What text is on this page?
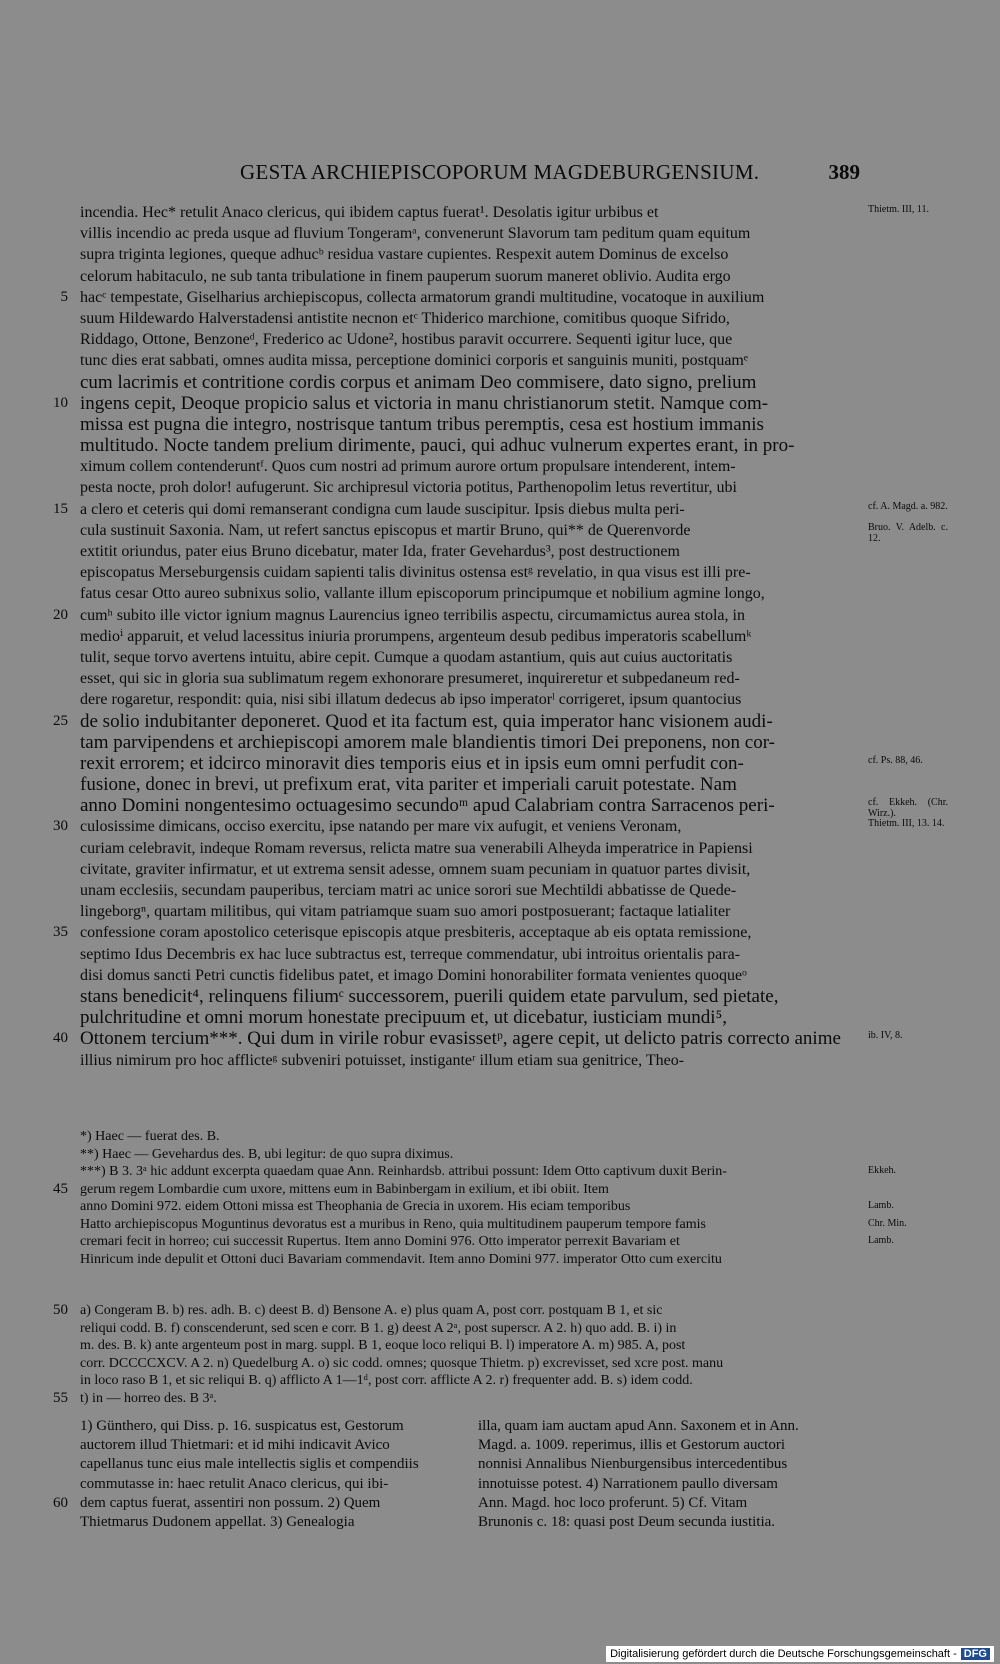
GESTA ARCHIEPISCOPORUM MAGDEBURGENSIUM.	389
incendia. Hec* retulit Anaco clericus, qui ibidem captus fuerat¹. Desolatis igitur urbibus et	Thietm. III, 11.
villis incendio ac preda usque ad fluvium Tongeramᵃ, convenerunt Slavorum tam peditum quam equitum
supra triginta legiones, queque adhucᵇ residua vastare cupientes. Respexit autem Dominus de excelso
celorum habitaculo, ne sub tanta tribulatione in finem pauperum suorum maneret oblivio. Audita ergo
5 hacᶜ tempestate, Giselharius archiepiscopus, collecta armatorum grandi multitudine, vocatoque in auxilium
suum Hildewardo Halverstadensi antistite necnon etᶜ Thiderico marchione, comitibus quoque Sifrido,
Riddago, Ottone, Benzoneᵈ, Frederico ac Udone², hostibus paravit occurrere. Sequenti igitur luce, que
tunc dies erat sabbati, omnes audita missa, perceptione dominici corporis et sanguinis muniti, postquamᵉ
cum lacrimis et contritione cordis corpus et animam Deo commisere, dato signo, prelium
10 ingens cepit, Deoque propicio salus et victoria in manu christianorum stetit. Namque com-
missa est pugna die integro, nostrisque tantum tribus peremptis, cesa est hostium immanis
multitudo. Nocte tandem prelium dirimente, pauci, qui adhuc vulnerum expertes erant, in pro-
ximum collem contenderuntᶠ. Quos cum nostri ad primum aurore ortum propulsare intenderent, intem-
pesta nocte, proh dolor! aufugerunt. Sic archipresul victoria potitus, Parthenopolim letus revertitur, ubi
15 a clero et ceteris qui domi remanserant condigna cum laude suscipitur. Ipsis diebus multa peri-	cf. A. Magd. a. 982.
cula sustinuit Saxonia. Nam, ut refert sanctus episcopus et martir Bruno, qui** de Querenvorde	Bruo. V. Adelb. c. 12.
extitit oriundus, pater eius Bruno dicebatur, mater Ida, frater Gevehardus³, post destructionem
episcopatus Merseburgensis cuidam sapienti talis divinitus ostensa estᵍ revelatio, in qua visus est illi pre-
fatus cesar Otto aureo subnixus solio, vallante illum episcoporum principumque et nobilium agmine longo,
20 cumʰ subito ille victor ignium magnus Laurencius igneo terribilis aspectu, circumamictus aurea stola, in
medioⁱ apparuit, et velud lacessitus iniuria prorumpens, argenteum desub pedibus imperatoris scabellumᵏ
tulit, seque torvo avertens intuitu, abire cepit. Cumque a quodam astantium, quis aut cuius auctoritatis
esset, qui sic in gloria sua sublimatum regem exhonorare presumeret, inquireretur et subpedaneum red-
dere rogaretur, respondit: quia, nisi sibi illatum dedecus ab ipso imperatorˡ corrigeret, ipsum quantocius
25 de solio indubitanter deponeret. Quod et ita factum est, quia imperator hanc visionem audi-
tam parvipendens et archiepiscopi amorem male blandientis timori Dei preponens, non cor-
rexit errorem; et idcirco minoravit dies temporis eius et in ipsis eum omni perfudit con-	cf. Ps. 88, 46.
fusione, donec in brevi, ut prefixum erat, vita pariter et imperiali caruit potestate. Nam
anno Domini nongentesimo octuagesimo secundoᵐ apud Calabriam contra Sarracenos peri-	cf. Ekkeh. (Chr. Wirz.).
30 culosissime dimicans, occiso exercitu, ipse natando per mare vix aufugit, et veniens Veronam,	Thietm. III, 13. 14.
curiam celebravit, indeque Romam reversus, relicta matre sua venerabili Alheyda imperatrice in Papiensi
civitate, graviter infirmatur, et ut extrema sensit adesse, omnem suam pecuniam in quatuor partes divisit,
unam ecclesiis, secundam pauperibus, terciam matri ac unice sorori sue Mechtildi abbatisse de Quede-
lingeborgⁿ, quartam militibus, qui vitam patriamque suam suo amori postposuerant; factaque latialiter
35 confessione coram apostolico ceterisque episcopis atque presbiteris, acceptaque ab eis optata remissione,
septimo Idus Decembris ex hac luce subtractus est, terreque commendatur, ubi introitus orientalis para-
disi domus sancti Petri cunctis fidelibus patet, et imago Domini honorabiliter formata venientes quoqueᵒ
stans benedicit⁴, relinquens filiumᶜ successorem, puerili quidem etate parvulum, sed pietate,
pulchritudine et omni morum honestate precipuum et, ut dicebatur, iusticiam mundi⁵,
40 Ottonem tercium***. Qui dum in virile robur evasissetᵖ, agere cepit, ut delicto patris correcto anime	ib. IV, 8.
illius nimirum pro hoc afflicteᵍ subveniri potuisset, instiganteʳ illum etiam sua genitrice, Theo-
*) Haec — fuerat des. B.
**) Haec — Gevehardus des. B, ubi legitur: de quo supra diximus.
***) B 3. 3ᵃ hic addunt excerpta quaedam quae Ann. Reinhardsb. attribui possunt: Idem Otto captivum duxit Berin-	Ekkeh.
45 gerum regem Lombardie cum uxore, mittens eum in Babinbergam in exilium, et ibi obiit. Item
anno Domini 972. eidem Ottoni missa est Theophania de Grecia in uxorem. His eciam temporibus	Lamb.
Hatto archiepiscopus Moguntinus devoratus est a muribus in Reno, quia multitudinem pauperum tempore famis	Chr. Min.
cremari fecit in horreo; cui successit Rupertus. Item anno Domini 976. Otto imperator perrexit Bavariam et	Lamb.
Hinricum inde depulit et Ottoni duci Bavariam commendavit. Item anno Domini 977. imperator Otto cum exercitu
50 a) Congeram B. b) res. adh. B. c) deest B. d) Bensone A. e) plus quam A, post corr. postquam B 1, et sic
reliqui codd. B. f) conscenderunt, sed scen e corr. B 1. g) deest A 2ᵃ, post superscr. A 2. h) quo add. B. i) in
m. des. B. k) ante argenteum post in marg. suppl. B 1, eoque loco reliqui B. l) imperatore A. m) 985. A, post
corr. DCCCCXCV. A 2. n) Quedelburg A. o) sic codd. omnes; quosque Thietm. p) excrevisset, sed xcre post. manu
in loco raso B 1, et sic reliqui B. q) afflicto A 1—1ᵈ, post corr. afflicte A 2. r) frequenter add. B. s) idem codd.
55 t) in — horreo des. B 3ᵃ.
1) Günthero, qui Diss. p. 16. suspicatus est, Gestorum
auctorem illud Thietmari: et id mihi indicavit Avico
capellanus tunc eius male intellectis siglis et compendiis
commutasse in: haec retulit Anaco clericus, qui ibi-
60 dem captus fuerat, assentiri non possum. 2) Quem
Thietmarus Dudonem appellat. 3) Genealogia
illa, quam iam auctam apud Ann. Saxonem et in Ann.
Magd. a. 1009. reperimus, illis et Gestorum auctori
nonnisi Annalibus Nienburgensibus intercedentibus
innotuisse potest. 4) Narrationem paullo diversam
Ann. Magd. hoc loco proferunt. 5) Cf. Vitam
Brunonis c. 18: quasi post Deum secunda iustitia.
Digitalisierung gefördert durch die Deutsche Forschungsgemeinschaft - DFG
